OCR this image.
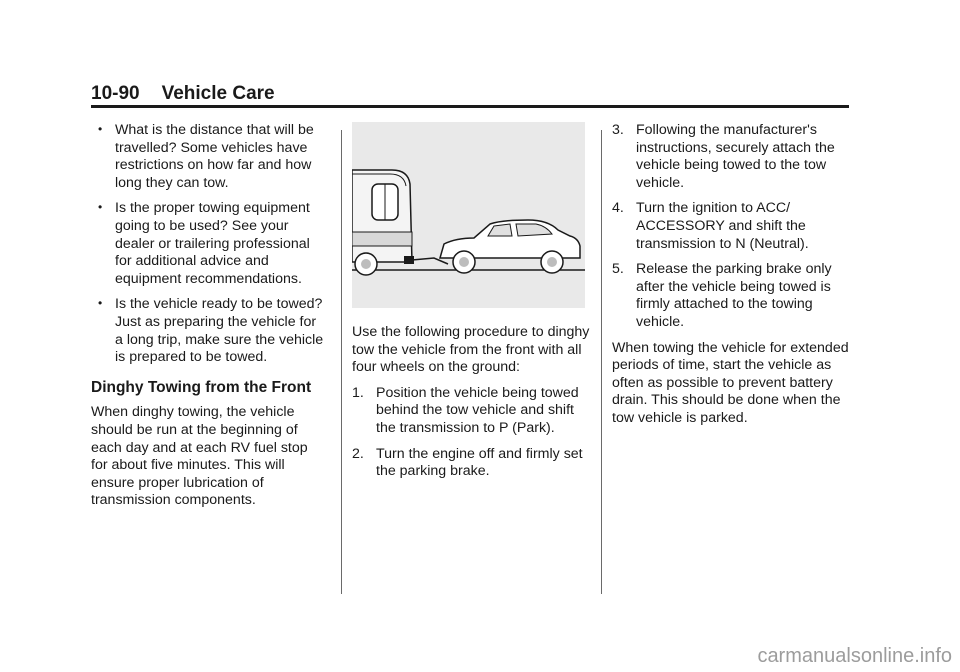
10-90 Vehicle Care
• What is the distance that will be travelled? Some vehicles have restrictions on how far and how long they can tow.
• Is the proper towing equipment going to be used? See your dealer or trailering professional for additional advice and equipment recommendations.
• Is the vehicle ready to be towed? Just as preparing the vehicle for a long trip, make sure the vehicle is prepared to be towed.
Dinghy Towing from the Front
When dinghy towing, the vehicle should be run at the beginning of each day and at each RV fuel stop for about five minutes. This will ensure proper lubrication of transmission components.
Use the following procedure to dinghy tow the vehicle from the front with all four wheels on the ground:
1. Position the vehicle being towed behind the tow vehicle and shift the transmission to P (Park).
2. Turn the engine off and firmly set the parking brake.
3. Following the manufacturer's instructions, securely attach the vehicle being towed to the tow vehicle.
4. Turn the ignition to ACC/ ACCESSORY and shift the transmission to N (Neutral).
5. Release the parking brake only after the vehicle being towed is firmly attached to the towing vehicle.
When towing the vehicle for extended periods of time, start the vehicle as often as possible to prevent battery drain. This should be done when the tow vehicle is parked.
carmanualsonline.info
